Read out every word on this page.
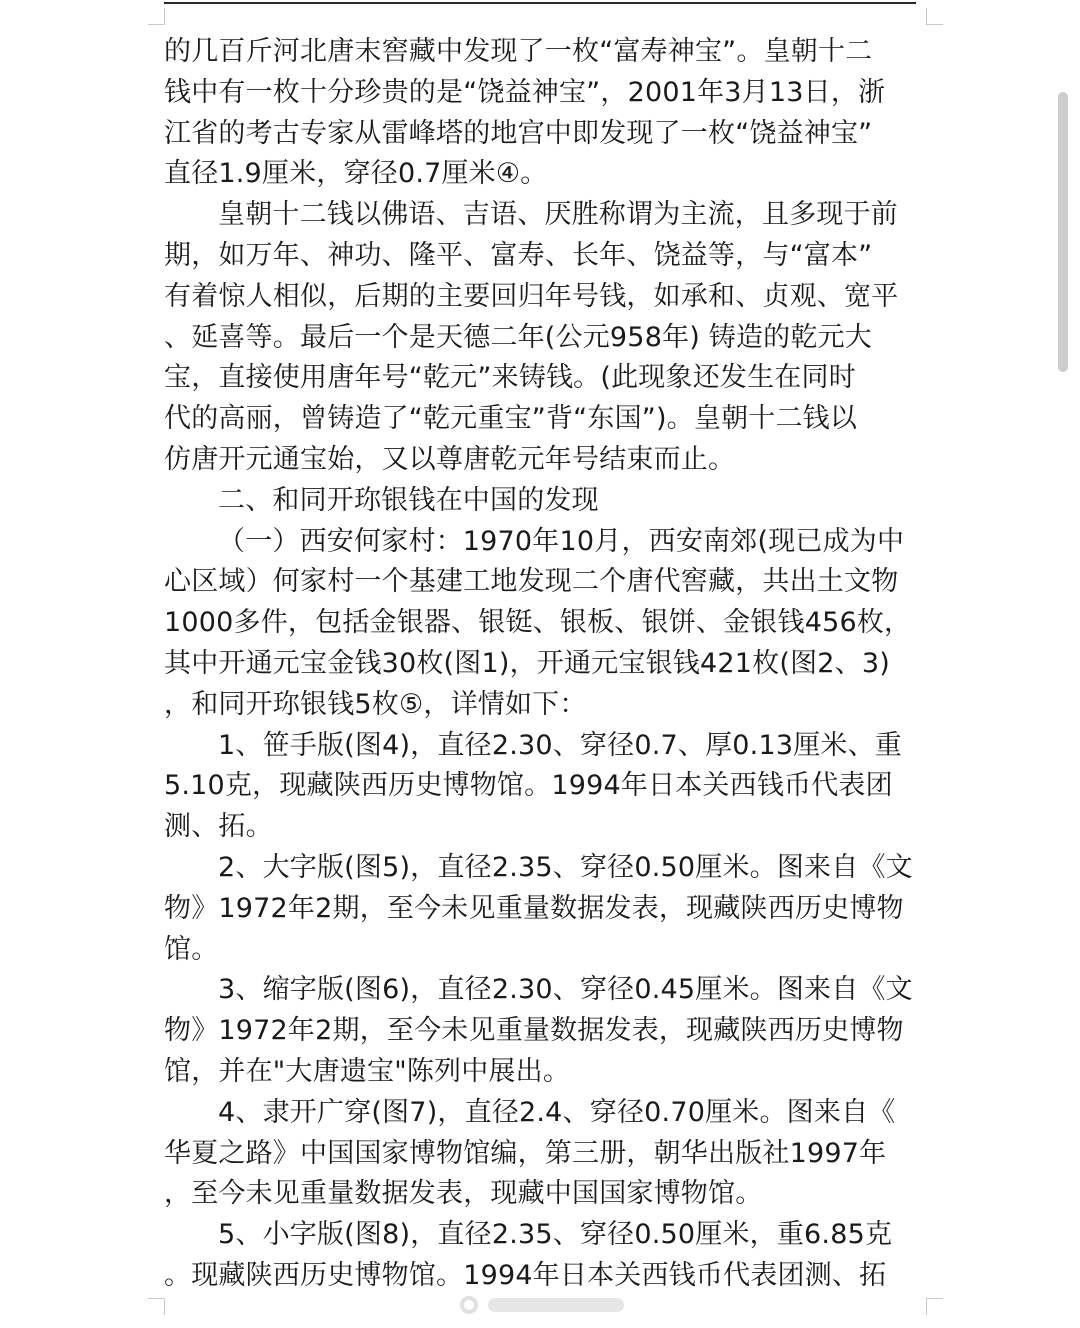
的几百斤河北唐末窖藏中发现了一枚“富寿神宝”。皇朝十二
钱中有一枚十分珍贵的是“饶益神宝”，2001年3月13日，浙
江省的考古专家从雷峰塔的地宫中即发现了一枚“饶益神宝”
直径1.9厘米，穿径0.7厘米④。
皇朝十二钱以佛语、吉语、厌胜称谓为主流，且多现于前
期，如万年、神功、隆平、富寿、长年、饶益等，与“富本”
有着惊人相似，后期的主要回归年号钱，如承和、贞观、宽平
、延喜等。最后一个是天德二年(公元958年) 铸造的乾元大
宝，直接使用唐年号“乾元”来铸钱。(此现象还发生在同时
代的高丽，曾铸造了“乾元重宝”背“东国”)。皇朝十二钱以
仿唐开元通宝始，又以尊唐乾元年号结束而止。
二、和同开珎银钱在中国的发现
（一）西安何家村：1970年10月，西安南郊(现已成为中
心区域）何家村一个基建工地发现二个唐代窖藏，共出土文物
1000多件，包括金银器、银铤、银板、银饼、金银钱456枚，
其中开通元宝金钱30枚(图1)，开通元宝银钱421枚(图2、3)
，和同开珎银钱5枚⑤，详情如下：
1、笹手版(图4)，直径2.30、穿径0.7、厚0.13厘米、重
5.10克，现藏陕西历史博物馆。1994年日本关西钱币代表团
测、拓。
2、大字版(图5)，直径2.35、穿径0.50厘米。图来自《文
物》1972年2期，至今未见重量数据发表，现藏陕西历史博物
馆。
3、缩字版(图6)，直径2.30、穿径0.45厘米。图来自《文
物》1972年2期，至今未见重量数据发表，现藏陕西历史博物
馆，并在"大唐遗宝"陈列中展出。
4、隶开广穿(图7)，直径2.4、穿径0.70厘米。图来自《
华夏之路》中国国家博物馆编，第三册，朝华出版社1997年
，至今未见重量数据发表，现藏中国国家博物馆。
5、小字版(图8)，直径2.35、穿径0.50厘米，重6.85克
。现藏陕西历史博物馆。1994年日本关西钱币代表团测、拓
